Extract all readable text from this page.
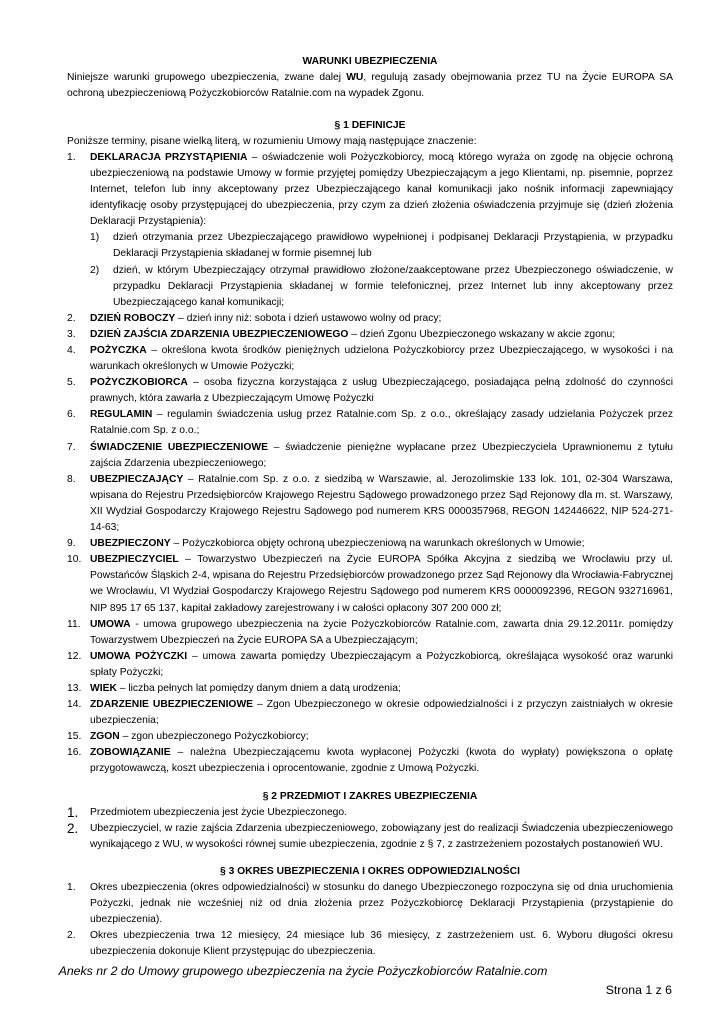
WARUNKI UBEZPIECZENIA

Niniejsze warunki grupowego ubezpieczenia, zwane dalej WU, regulują zasady obejmowania przez TU na Życie EUROPA SA ochroną ubezpieczeniową Pożyczkobiorców Ratalnie.com na wypadek Zgonu.

§ 1 DEFINICJE

Poniższe terminy, pisane wielką literą, w rozumieniu Umowy mają następujące znaczenie:

1.	DEKLARACJA PRZYSTĄPIENIA – oświadczenie woli Pożyczkobiorcy, mocą którego wyraża on zgodę na objęcie ochroną ubezpieczeniową na podstawie Umowy w formie przyjętej pomiędzy Ubezpieczającym a jego Klientami, np. pisemnie, poprzez Internet, telefon lub inny akceptowany przez Ubezpieczającego kanał komunikacji jako nośnik informacji zapewniający identyfikację osoby przystępującej do ubezpieczenia, przy czym za dzień złożenia oświadczenia przyjmuje się (dzień złożenia Deklaracji Przystąpienia):
1)	dzień otrzymania przez Ubezpieczającego prawidłowo wypełnionej i podpisanej Deklaracji Przystąpienia, w przypadku Deklaracji Przystąpienia składanej w formie pisemnej lub
2)	dzień, w którym Ubezpieczający otrzymał prawidłowo złożone/zaakceptowane przez Ubezpieczonego oświadczenie, w przypadku Deklaracji Przystąpienia składanej w formie telefonicznej, przez Internet lub inny akceptowany przez Ubezpieczającego kanał komunikacji;
2.	DZIEŃ ROBOCZY – dzień inny niż: sobota i dzień ustawowo wolny od pracy;
3.	DZIEŃ ZAJŚCIA ZDARZENIA UBEZPIECZENIOWEGO – dzień Zgonu Ubezpieczonego wskazany w akcie zgonu;
4.	POŻYCZKA – określona kwota środków pieniężnych udzielona Pożyczkobiorcy przez Ubezpieczającego, w wysokości i na warunkach określonych w Umowie Pożyczki;
5.	POŻYCZKOBIORCA – osoba fizyczna korzystająca z usług Ubezpieczającego, posiadająca pełną zdolność do czynności prawnych, która zawarła z Ubezpieczającym Umowę Pożyczki
6.	REGULAMIN – regulamin świadczenia usług przez Ratalnie.com Sp. z o.o., określający zasady udzielania Pożyczek przez Ratalnie.com Sp. z o.o.;
7.	ŚWIADCZENIE UBEZPIECZENIOWE – świadczenie pieniężne wypłacane przez Ubezpieczyciela Uprawnionemu z tytułu zajścia Zdarzenia ubezpieczeniowego;
8.	UBEZPIECZAJĄCY – Ratalnie.com Sp. z o.o. z siedzibą w Warszawie, al. Jerozolimskie 133 lok. 101, 02-304 Warszawa, wpisana do Rejestru Przedsiębiorców Krajowego Rejestru Sądowego prowadzonego przez Sąd Rejonowy dla m. st. Warszawy, XII Wydział Gospodarczy Krajowego Rejestru Sądowego pod numerem KRS 0000357968, REGON 142446622, NIP 524-271-14-63;
9.	UBEZPIECZONY – Pożyczkobiorca objęty ochroną ubezpieczeniową na warunkach określonych w Umowie;
10. UBEZPIECZYCIEL – Towarzystwo Ubezpieczeń na Życie EUROPA Spółka Akcyjna z siedzibą we Wrocławiu przy ul. Powstańców Śląskich 2-4, wpisana do Rejestru Przedsiębiorców prowadzonego przez Sąd Rejonowy dla Wrocławia-Fabrycznej we Wrocławiu, VI Wydział Gospodarczy Krajowego Rejestru Sądowego pod numerem KRS 0000092396, REGON 932716961, NIP 895 17 65 137, kapitał zakładowy zarejestrowany i w całości opłacony 307 200 000 zł;
11. UMOWA - umowa grupowego ubezpieczenia na życie Pożyczkobiorców Ratalnie.com, zawarta dnia 29.12.2011r. pomiędzy Towarzystwem Ubezpieczeń na Życie EUROPA SA a Ubezpieczającym;
12. UMOWA POŻYCZKI – umowa zawarta pomiędzy Ubezpieczającym a Pożyczkobiorcą, określająca wysokość oraz warunki spłaty Pożyczki;
13. WIEK – liczba pełnych lat pomiędzy danym dniem a datą urodzenia;
14. ZDARZENIE UBEZPIECZENIOWE – Zgon Ubezpieczonego w okresie odpowiedzialności i z przyczyn zaistniałych w okresie ubezpieczenia;
15. ZGON – zgon ubezpieczonego Pożyczkobiorcy;
16. ZOBOWIĄZANIE – należna Ubezpieczającemu kwota wypłaconej Pożyczki (kwota do wypłaty) powiększona o opłatę przygotowawczą, koszt ubezpieczenia i oprocentowanie, zgodnie z Umową Pożyczki.
§ 2 PRZEDMIOT I ZAKRES UBEZPIECZENIA
1.	Przedmiotem ubezpieczenia jest życie Ubezpieczonego.
2.	Ubezpieczyciel, w razie zajścia Zdarzenia ubezpieczeniowego, zobowiązany jest do realizacji Świadczenia ubezpieczeniowego wynikającego z WU, w wysokości równej sumie ubezpieczenia, zgodnie z § 7, z zastrzeżeniem pozostałych postanowień WU.
§ 3 OKRES UBEZPIECZENIA I OKRES ODPOWIEDZIALNOŚCI
1.	Okres ubezpieczenia (okres odpowiedzialności) w stosunku do danego Ubezpieczonego rozpoczyna się od dnia uruchomienia Pożyczki, jednak nie wcześniej niż od dnia złożenia przez Pożyczkobiorcę Deklaracji Przystąpienia (przystąpienie do ubezpieczenia).
2.	Okres ubezpieczenia trwa 12 miesięcy, 24 miesiące lub 36 miesięcy, z zastrzeżeniem ust. 6. Wyboru długości okresu ubezpieczenia dokonuje Klient przystępując do ubezpieczenia.
Aneks nr 2 do Umowy grupowego ubezpieczenia na życie Pożyczkobiorców Ratalnie.com
Strona 1 z 6
